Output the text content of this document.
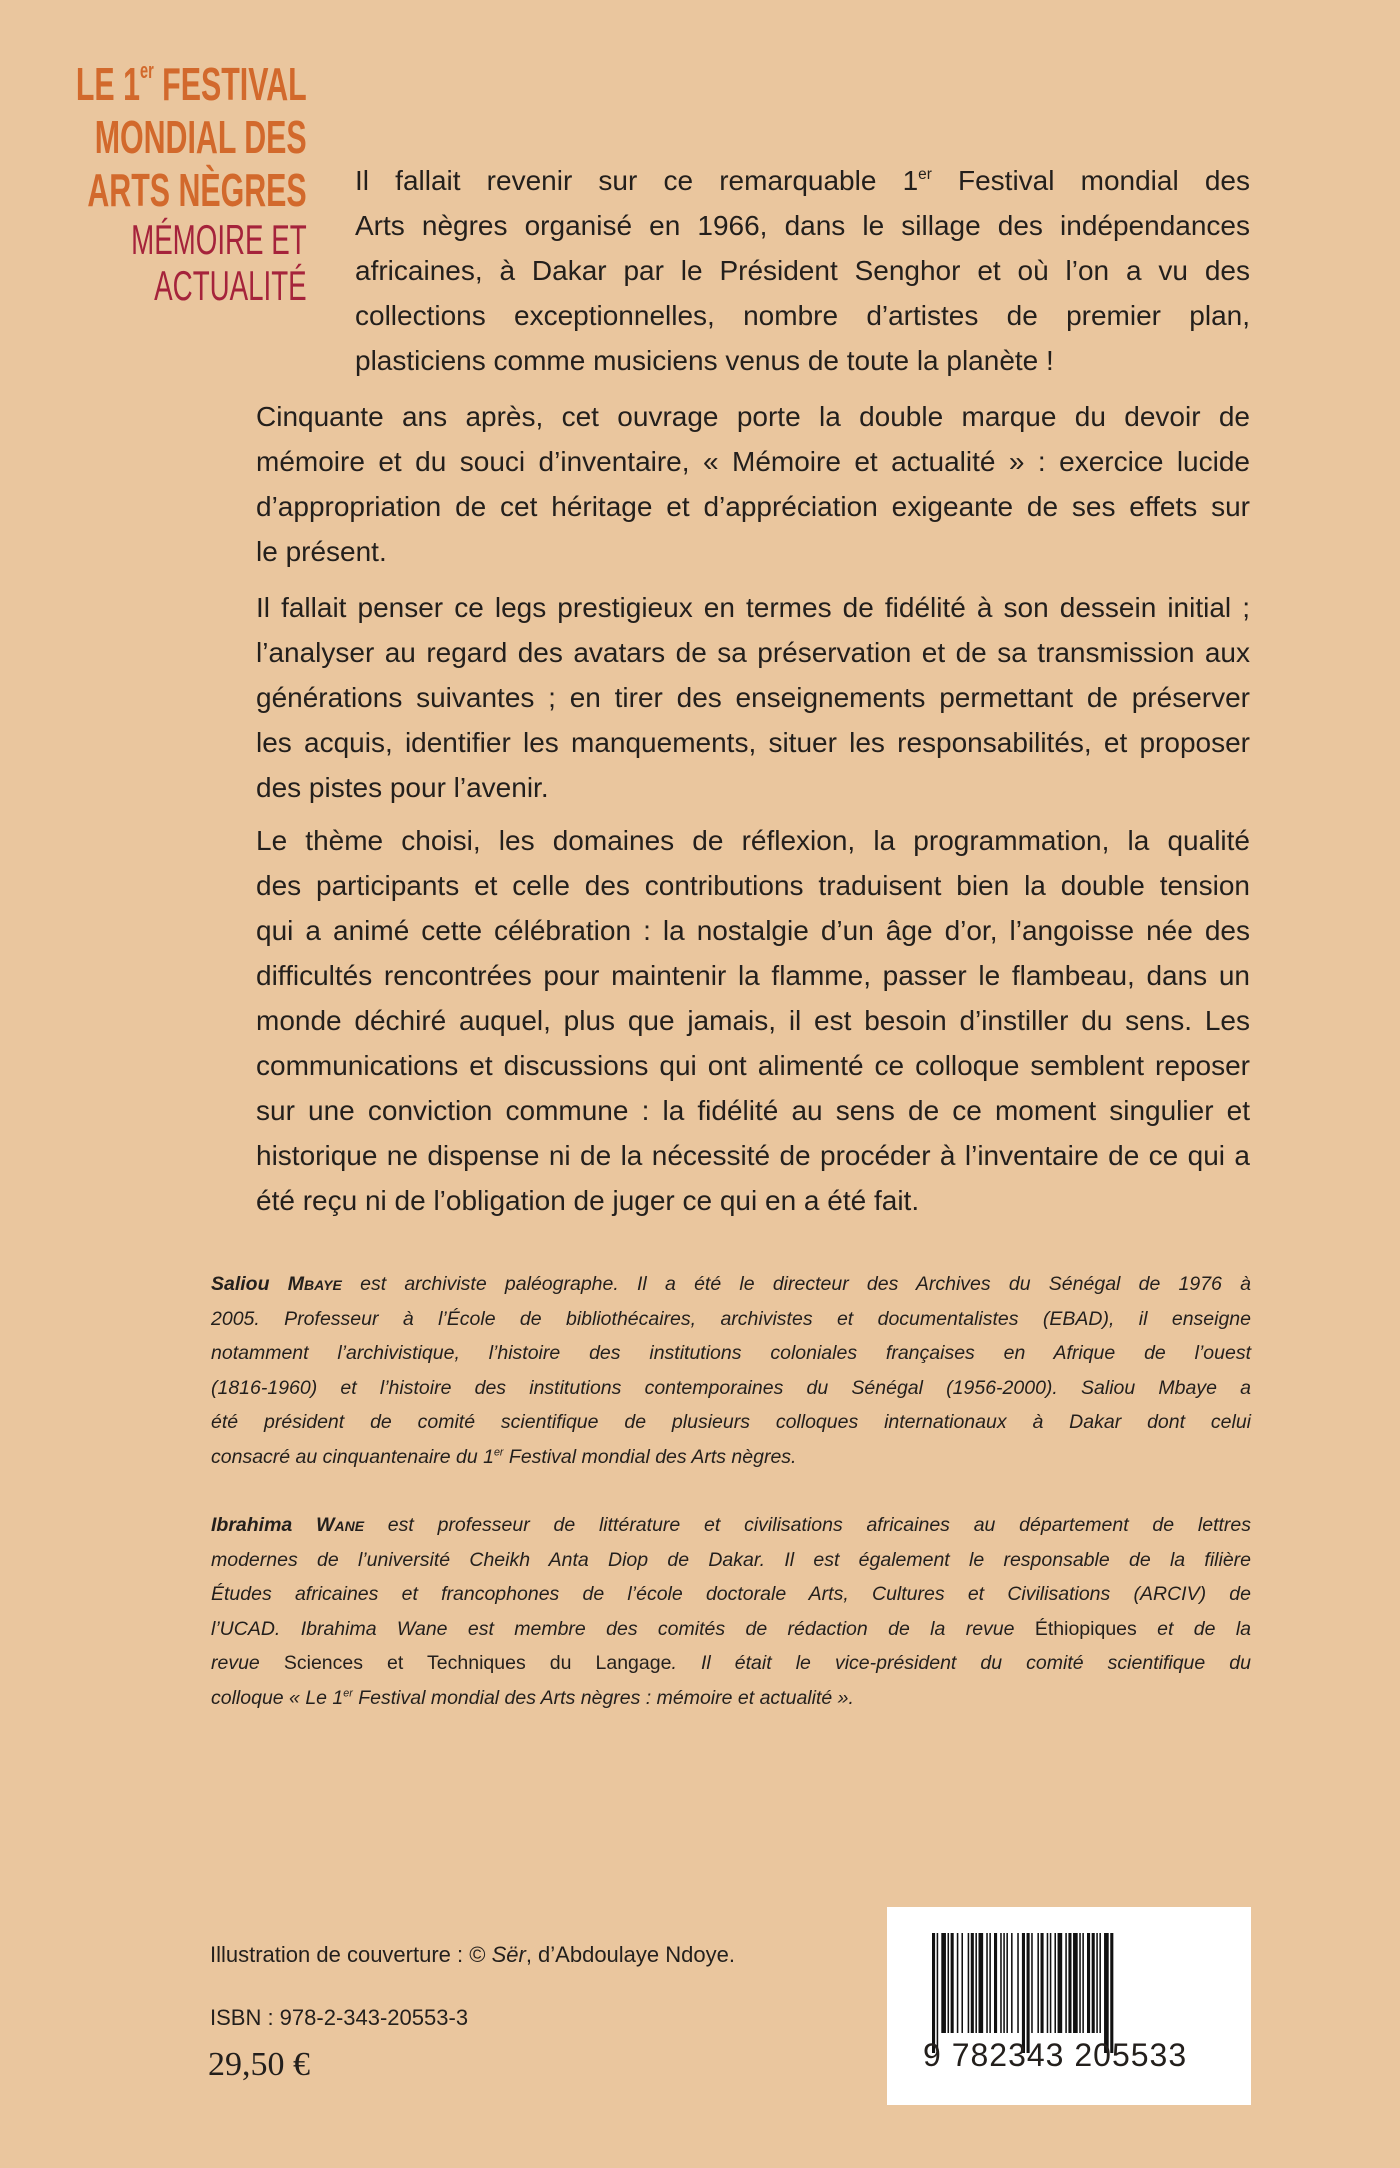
LE 1er FESTIVAL
MONDIAL DES
ARTS NÈGRES
MÉMOIRE ET
ACTUALITÉ
Il fallait revenir sur ce remarquable 1er Festival mondial des
Arts nègres organisé en 1966, dans le sillage des indépendances
africaines, à Dakar par le Président Senghor et où l’on a vu des
collections exceptionnelles, nombre d’artistes de premier plan,
plasticiens comme musiciens venus de toute la planète !
Cinquante ans après, cet ouvrage porte la double marque du devoir de
mémoire et du souci d’inventaire, « Mémoire et actualité » : exercice lucide
d’appropriation de cet héritage et d’appréciation exigeante de ses effets sur
le présent.
Il fallait penser ce legs prestigieux en termes de fidélité à son dessein initial ;
l’analyser au regard des avatars de sa préservation et de sa transmission aux
générations suivantes ; en tirer des enseignements permettant de préserver
les acquis, identifier les manquements, situer les responsabilités, et proposer
des pistes pour l’avenir.
Le thème choisi, les domaines de réflexion, la programmation, la qualité
des participants et celle des contributions traduisent bien la double tension
qui a animé cette célébration : la nostalgie d’un âge d’or, l’angoisse née des
difficultés rencontrées pour maintenir la flamme, passer le flambeau, dans un
monde déchiré auquel, plus que jamais, il est besoin d’instiller du sens. Les
communications et discussions qui ont alimenté ce colloque semblent reposer
sur une conviction commune : la fidélité au sens de ce moment singulier et
historique ne dispense ni de la nécessité de procéder à l’inventaire de ce qui a
été reçu ni de l’obligation de juger ce qui en a été fait.
Saliou Mbaye est archiviste paléographe. Il a été le directeur des Archives du Sénégal de 1976 à
2005. Professeur à l’École de bibliothécaires, archivistes et documentalistes (EBAD), il enseigne
notamment l’archivistique, l’histoire des institutions coloniales françaises en Afrique de l’ouest
(1816-1960) et l’histoire des institutions contemporaines du Sénégal (1956-2000). Saliou Mbaye a
été président de comité scientifique de plusieurs colloques internationaux à Dakar dont celui
consacré au cinquantenaire du 1er Festival mondial des Arts nègres.
Ibrahima Wane est professeur de littérature et civilisations africaines au département de lettres
modernes de l’université Cheikh Anta Diop de Dakar. Il est également le responsable de la filière
Études africaines et francophones de l’école doctorale Arts, Cultures et Civilisations (ARCIV) de
l’UCAD. Ibrahima Wane est membre des comités de rédaction de la revue Éthiopiques et de la
revue Sciences et Techniques du Langage. Il était le vice-président du comité scientifique du
colloque « Le 1er Festival mondial des Arts nègres : mémoire et actualité ».
Illustration de couverture : © Sër, d’Abdoulaye Ndoye.
ISBN : 978-2-343-20553-3
29,50 €	9 782343 205533
